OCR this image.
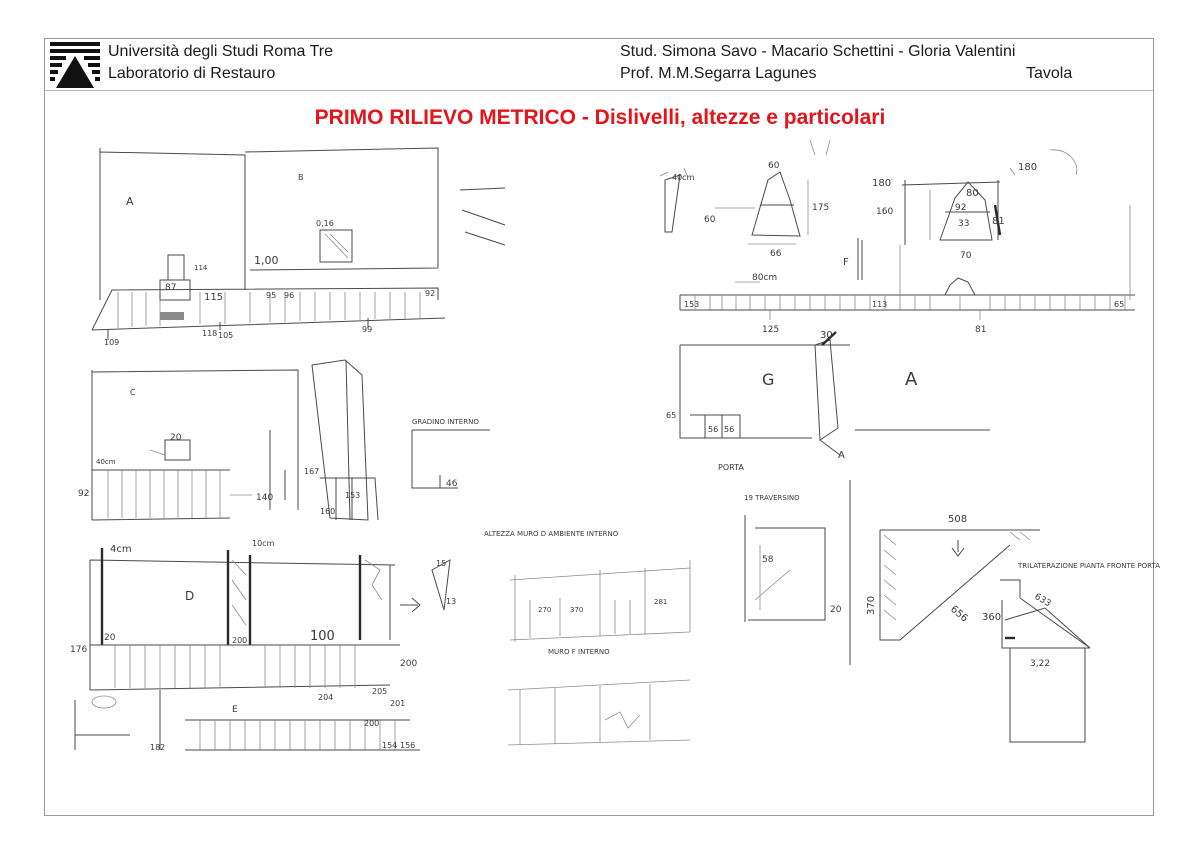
Università degli Studi Roma Tre
Laboratorio di Restauro
Stud. Simona Savo - Macario Schettini - Gloria Valentini
Prof. M.M.Segarra Lagunes	Tavola
PRIMO RILIEVO METRICO - Dislivelli, altezze e particolari
A
B
1,00
87
115
114
109
118 105
99
95 96	92
0,16
40cm
60
60
175
66
180
180
160
80
92
33 81
70
F
80cm
125
153	113	65
81
G	A
A
30
65
56 56
C
20
40cm
92	140
167
160
153
GRADINO INTERNO
46
4cm
10cm
D
176
20	200	100
204
200
205
201
15
13
E
200
182	154 156
ALTEZZA MURO D AMBIENTE INTERNO
270	370
281
MURO F INTERNO
PORTA
19 TRAVERSINO
58
20
TRILATERAZIONE PIANTA FRONTE PORTA
508
370	656 360
633
3,22
